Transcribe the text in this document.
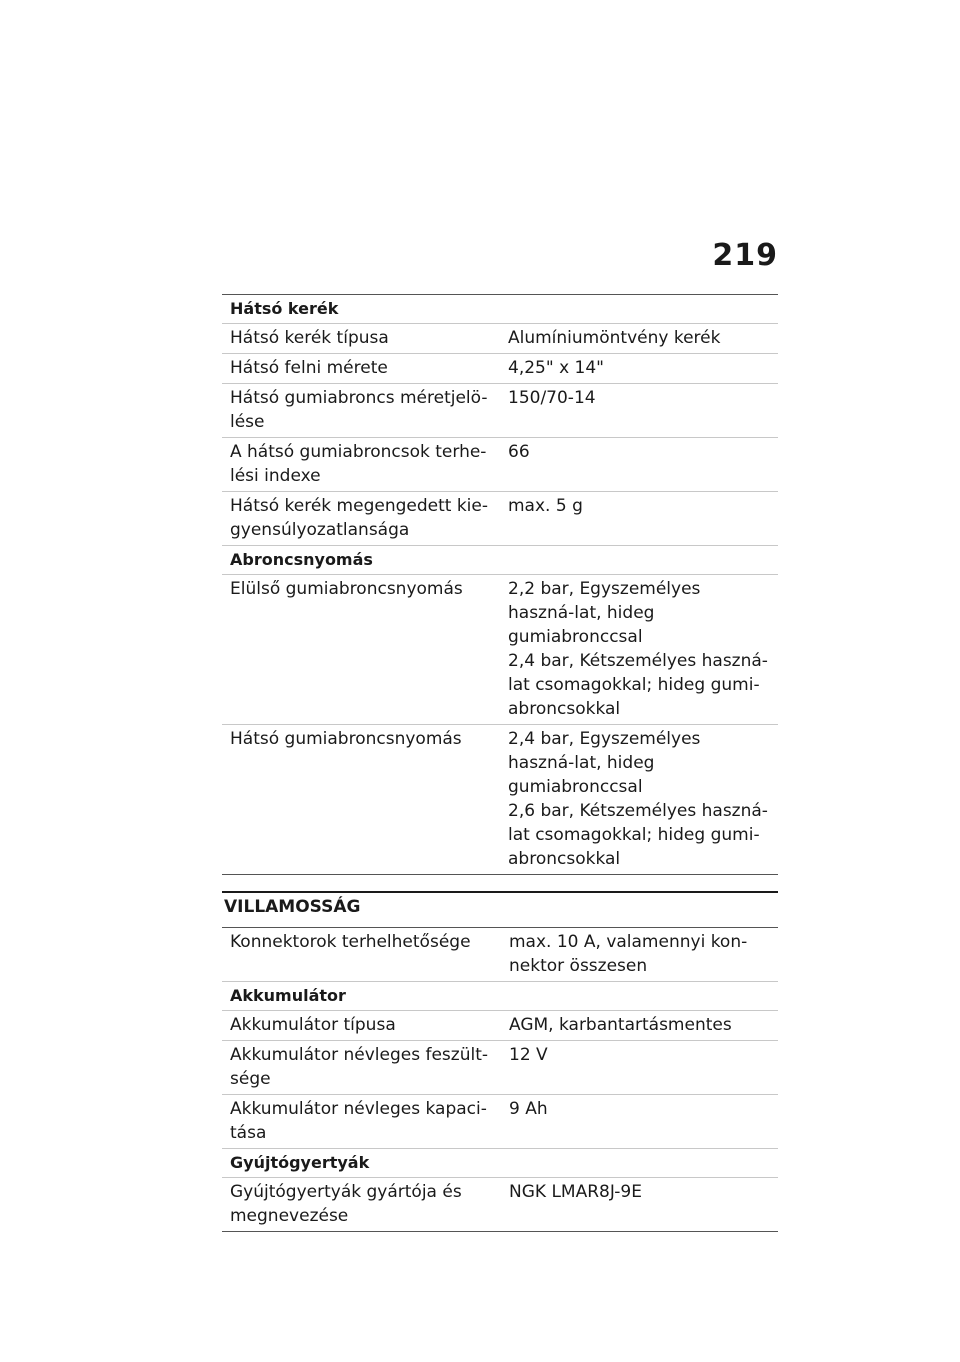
219
Hátsó kerék	
Hátsó kerék típusa	Alumíniumöntvény kerék
Hátsó felni mérete	4,25" x 14"
Hátsó gumiabroncs méretjelö-lése	150/70-14
A hátsó gumiabroncsok terhe-lési indexe	66
Hátsó kerék megengedett kie-gyensúlyozatlansága	max. 5 g
Abroncsnyomás	
Elülső gumiabroncsnyomás	2,2 bar, Egyszemélyes haszná-lat, hideg gumiabronccsal
2,4 bar, Kétszemélyes haszná-lat csomagokkal; hideg gumi-abroncsokkal

Hátsó gumiabroncsnyomás	2,4 bar, Egyszemélyes haszná-lat, hideg gumiabronccsal
2,6 bar, Kétszemélyes haszná-lat csomagokkal; hideg gumi-abroncsokkal
VILLAMOSSÁG
Konnektorok terhelhetősége	max. 10 A, valamennyi kon-nektor összesen
Akkumulátor	
Akkumulátor típusa	AGM, karbantartásmentes
Akkumulátor névleges feszült-sége	12 V
Akkumulátor névleges kapaci-tása	9 Ah
Gyújtógyertyák	
Gyújtógyertyák gyártója és megnevezése	NGK LMAR8J-9E
